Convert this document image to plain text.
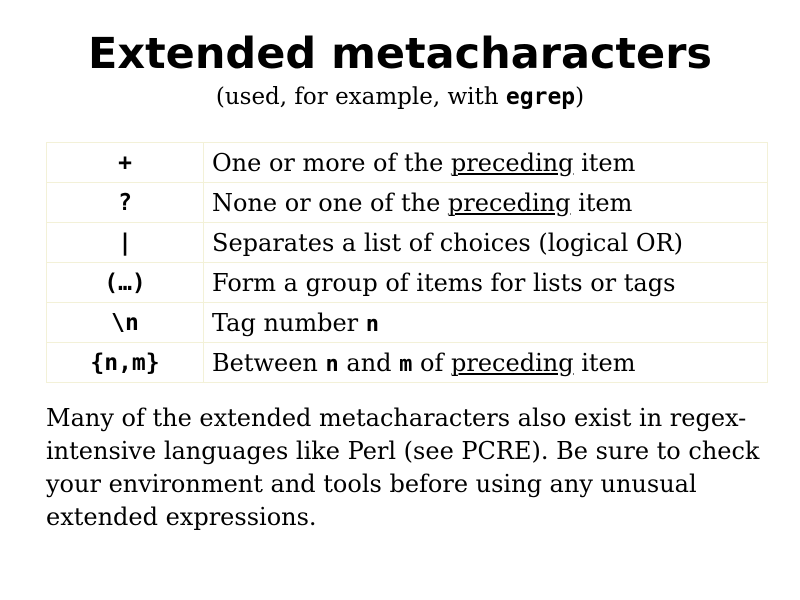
Extended metacharacters
(used, for example, with egrep)
+	One or more of the preceding item
?	None or one of the preceding item
|	Separates a list of choices (logical OR)
(…)	Form a group of items for lists or tags
\n	Tag number n
{n,m}	Between n and m of preceding item

Many of the extended metacharacters also exist in regex-intensive languages like Perl (see PCRE). Be sure to check your environment and tools before using any unusual extended expressions.
